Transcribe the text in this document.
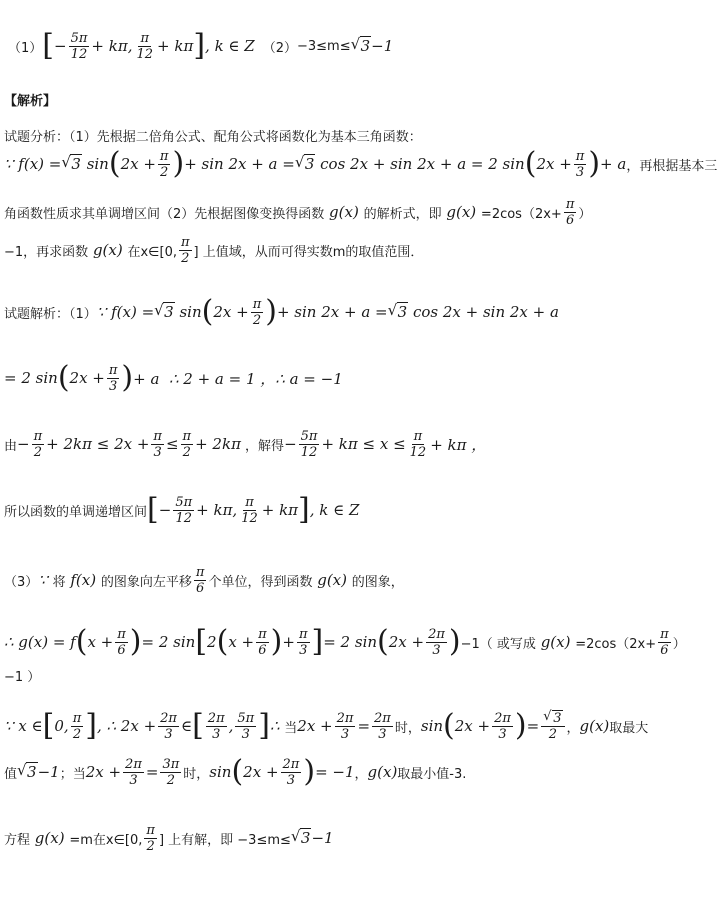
（1） [ − $\frac{5\pi}{12} + k\pi$, $\frac{\pi}{12} + k\pi$ ] , k ∈ Z （2） −3≤m≤ √ 3 −1
【解析】
试题分析：（1）先根据二倍角公式、配角公式将函数化为基本三角函数：
∵ f(x) = √ 3 sin ( $2x + \frac{\pi}{2}$ ) + sin 2x + a = √ 3 cos 2x + sin 2x + a = 2 sin ( $2x + \frac{\pi}{3}$ ) + a ，再根据基本三
角函数性质求其单调增区间（2）先根据图像变换得函数 g(x) 的解析式，即 $g(x) =2\cos(2x+ \frac{\pi}{6}$ ）
−1，再求函数 g(x) 在x∈[0, $\frac{\pi}{2}$ ] 上值域，从而可得实数m的取值范围．
试题解析：（1） ∵ f(x) = √ 3 sin ( $2x + \frac{\pi}{2}$ ) + sin 2x + a = √ 3 cos 2x + sin 2x + a
= 2 sin ( $2x + \frac{\pi}{3}$ ) + a  ∴ 2 + a = 1 ，∴ a = −1
由 − $\frac{\pi}{2} + 2k\pi \le 2x + \frac{\pi}{3} \le \frac{\pi}{2} + 2k\pi$ ，解得 − $\frac{5\pi}{12} + k\pi \le x \le \frac{\pi}{12} + k\pi$ ，
所以函数的单调递增区间 [ − $\frac{5\pi}{12} + k\pi$, $\frac{\pi}{12} + k\pi$ ] , k ∈ Z
（3） ∵ 将 f(x) 的图象向左平移 $\frac{\pi}{6}$ 个单位，得到函数 g(x) 的图象，
∴ g(x) = f ( $x + \frac{\pi}{6}$ ) = 2 sin [ 2 ( $x + \frac{\pi}{6}$ ) + $\frac{\pi}{3}$ ] = 2 sin ( $2x + \frac{2\pi}{3}$ ) −1（ 或写成 $g(x) =2\cos(2x+ \frac{\pi}{6}$ ）
−1 ）
∵ x ∈ [ 0, $\frac{\pi}{2}$ ] , ∴ $2x + \frac{2\pi}{3}$ ∈ [ $\frac{2\pi}{3}$ , $\frac{5\pi}{3}$ ] ∴ 当 $2x + \frac{2\pi}{3} = \frac{2\pi}{3}$ 时， sin ( $2x + \frac{2\pi}{3}$ ) = √ $\frac{3}{2}$ ， g(x) 取最大
值 √ 3 −1 ；当 $2x + \frac{2\pi}{3} = \frac{3\pi}{2}$ 时， sin ( $2x + \frac{2\pi}{3}$ ) = −1 ， g(x) 取最小值-3.
方程 g(x) =m在x∈[0, $\frac{\pi}{2}$ ] 上有解，即 −3≤m≤ √ 3 −1
